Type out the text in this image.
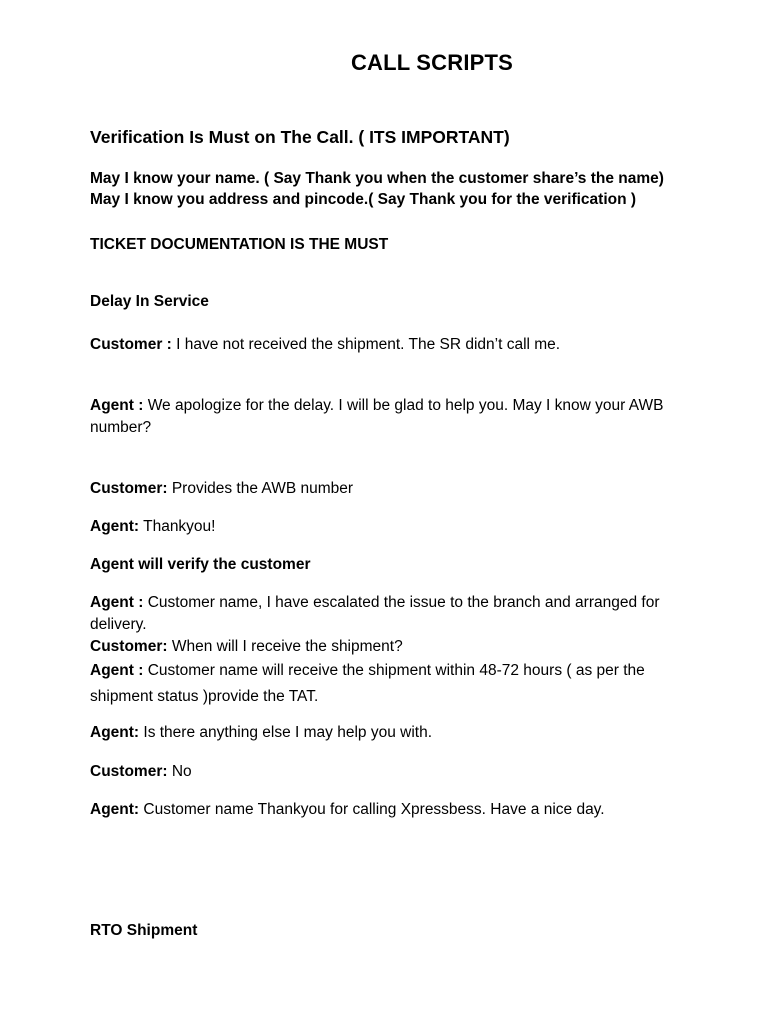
CALL SCRIPTS
Verification Is Must on The Call. ( ITS IMPORTANT)
May I know your name. ( Say Thank you when the customer share’s the name)
May I know you address and pincode.( Say Thank you for the verification )
TICKET DOCUMENTATION IS THE MUST
Delay In Service
Customer : I have not received the shipment. The SR didn’t call me.
Agent : We apologize for the delay. I will be glad to help you. May I know your AWB number?
Customer: Provides the AWB number
Agent: Thankyou!
Agent will verify the customer
Agent : Customer name, I have escalated the issue to the branch and arranged for delivery.
Customer: When will I receive the shipment?
Agent : Customer name will receive the shipment within 48-72 hours ( as per the shipment status )provide the TAT.
Agent: Is there anything else I may help you with.
Customer: No
Agent: Customer name Thankyou for calling Xpressbess. Have a nice day.
RTO Shipment
